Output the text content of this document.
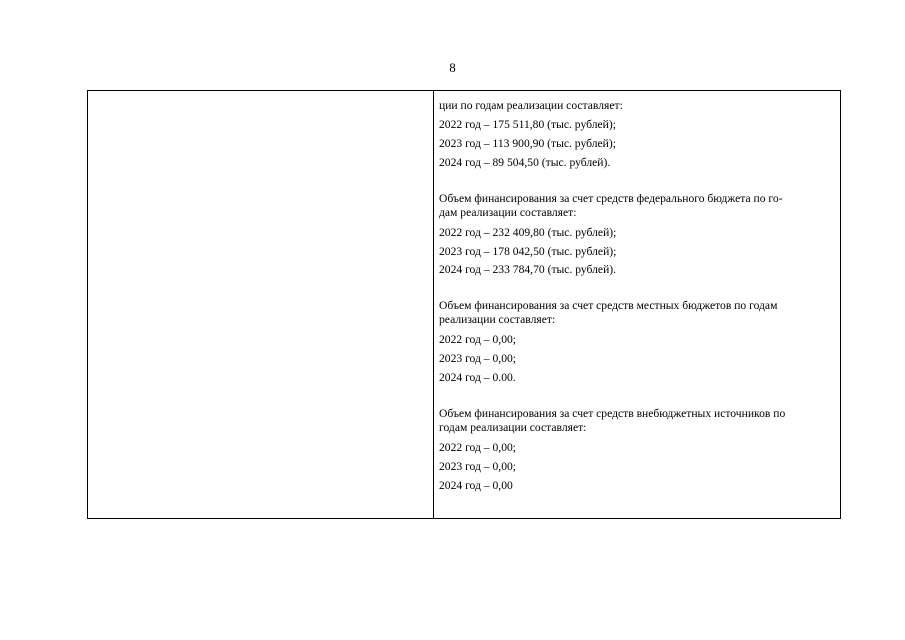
8
ции по годам реализации составляет:
2022 год – 175 511,80 (тыс. рублей);
2023 год – 113 900,90 (тыс. рублей);
2024 год – 89 504,50 (тыс. рублей).
Объем финансирования за счет средств федерального бюджета по го-
дам реализации составляет:
2022 год – 232 409,80 (тыс. рублей);
2023 год – 178 042,50 (тыс. рублей);
2024 год – 233 784,70 (тыс. рублей).
Объем финансирования за счет средств местных бюджетов по годам
реализации составляет:
2022 год – 0,00;
2023 год – 0,00;
2024 год – 0.00.
Объем финансирования за счет средств внебюджетных источников по
годам реализации составляет:
2022 год – 0,00;
2023 год – 0,00;
2024 год – 0,00
